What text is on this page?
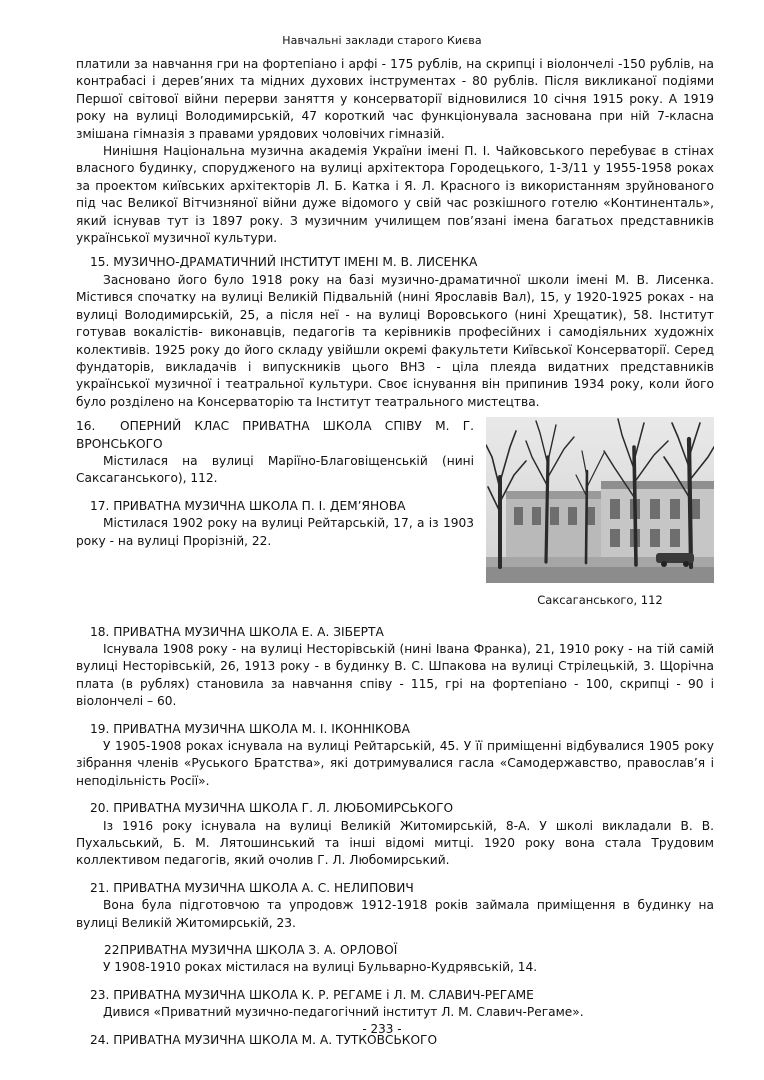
Навчальні заклади старого Києва

платили за навчання гри на фортепіано і арфі - 175 рублів, на скрипці і віолончелі -150 рублів, на контрабасі і дерев’яних та мідних духових інструментах - 80 рублів. Після викликаної подіями Першої світової війни перерви заняття у консерваторії відновилися 10 січня 1915 року. А 1919 року на вулиці Володимирській, 47 короткий час функціонувала заснована при ній 7-класна змішана гімназія з правами урядових чоловічих гімназій.

Нинішня Національна музична академія України імені П. І. Чайковського перебуває в стінах власного будинку, спорудженого на вулиці архітектора Городецького, 1-3/11 у 1955-1958 роках за проектом київських архітекторів Л. Б. Катка і Я. Л. Красного із використанням зруйнованого під час Великої Вітчизняної війни дуже відомого у свій час розкішного готелю «Континенталь», який існував тут із 1897 року. З музичним училищем пов’язані імена багатьох представників української музичної культури.

15. МУЗИЧНО-ДРАМАТИЧНИЙ ІНСТИТУТ ІМЕНІ М. В. ЛИСЕНКА

Засновано його було 1918 року на базі музично-драматичної школи імені М. В. Лисенка. Містився спочатку на вулиці Великій Підвальній (нині Ярославів Вал), 15, у 1920-1925 роках - на вулиці Володимирській, 25, а після неї - на вулиці Воровського (нині Хрещатик), 58. Інститут готував вокалістів- виконавців, педагогів та керівників професійних і самодіяльних художніх колективів. 1925 року до його складу увійшли окремі факультети Київської Консерваторії. Серед фундаторів, викладачів і випускників цього ВНЗ - ціла плеяда видатних представників української музичної і театральної культури. Своє існування він припинив 1934 року, коли його було розділено на Консерваторію та Інститут театрального мистецтва.

Саксаганського, 112

16. ОПЕРНИЙ КЛАС ПРИВАТНА ШКОЛА СПІВУ М. Г. ВРОНСЬКОГО

Містилася на вулиці Маріїно-Благовіщенській (нині Саксаганського), 112.

17. ПРИВАТНА МУЗИЧНА ШКОЛА П. І. ДЕМ’ЯНОВА

Містилася 1902 року на вулиці Рейтарській, 17, а із 1903 року - на вулиці Прорізній, 22.

18. ПРИВАТНА МУЗИЧНА ШКОЛА Е. А. ЗІБЕРТА

Існувала 1908 року - на вулиці Несторівській (нині Івана Франка), 21, 1910 року - на тій самій вулиці Несторівській, 26, 1913 року - в будинку В. С. Шпакова на вулиці Стрілецькій, 3. Щорічна плата (в рублях) становила за навчання співу - 115, грі на фортепіано - 100, скрипці - 90 і віолончелі – 60.

19. ПРИВАТНА МУЗИЧНА ШКОЛА М. І. ІКОННІКОВА

У 1905-1908 роках існувала на вулиці Рейтарській, 45. У її приміщенні відбувалися 1905 року зібрання членів «Руського Братства», які дотримувалися гасла «Самодержавство, православ’я і неподільність Росії».

20. ПРИВАТНА МУЗИЧНА ШКОЛА Г. Л. ЛЮБОМИРСЬКОГО

Із 1916 року існувала на вулиці Великій Житомирській, 8-А. У школі викладали В. В. Пухальський, Б. М. Лятошинський та інші відомі митці. 1920 року вона стала Трудовим коллективом педагогів, який очолив Г. Л. Любомирський.

21. ПРИВАТНА МУЗИЧНА ШКОЛА А. С. НЕЛИПОВИЧ

Вона була підготовчою та упродовж 1912-1918 років займала приміщення в будинку на вулиці Великій Житомирській, 23.

22.ПРИВАТНА МУЗИЧНА ШКОЛА З. А. ОРЛОВОЇ

У 1908-1910 роках містилася на вулиці Бульварно-Кудрявській, 14.

23. ПРИВАТНА МУЗИЧНА ШКОЛА К. Р. РЕГАМЕ і Л. М. СЛАВИЧ-РЕГАМЕ

Дивися «Приватний музично-педагогічний інститут Л. М. Славич-Регаме».

24. ПРИВАТНА МУЗИЧНА ШКОЛА М. А. ТУТКОВСЬКОГО

- 233 -
